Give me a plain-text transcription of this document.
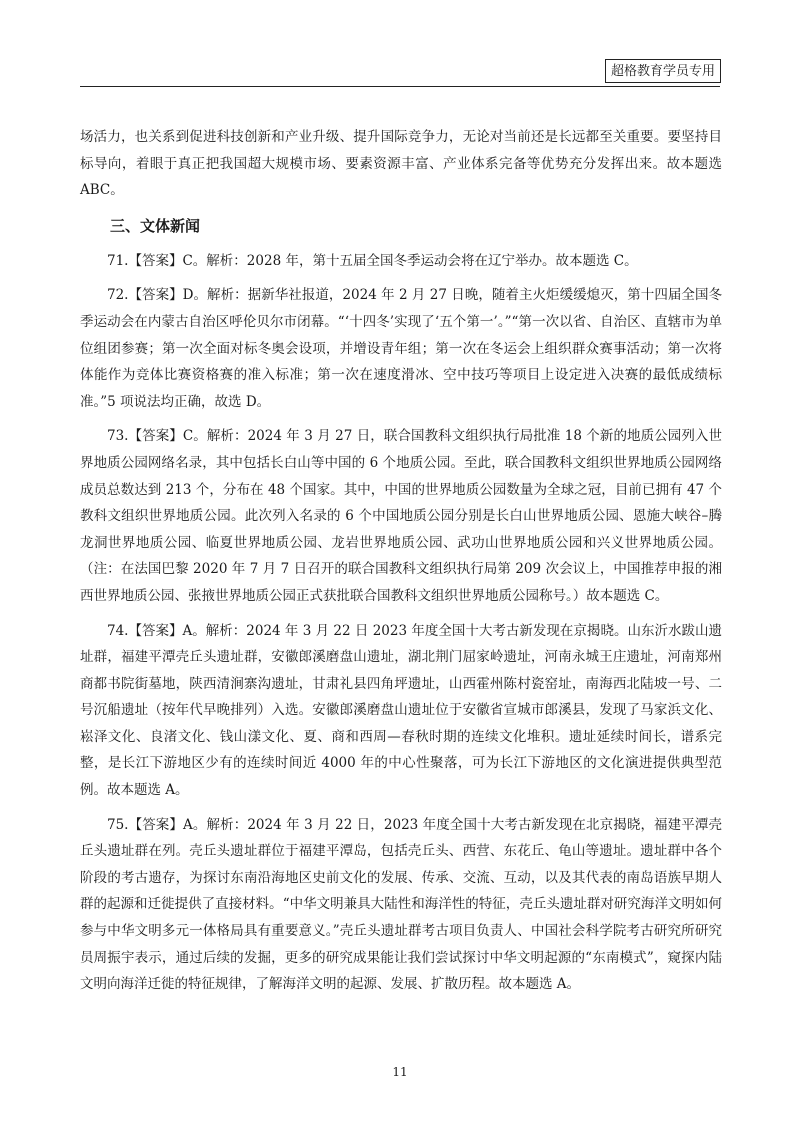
超格教育学员专用

场活力，也关系到促进科技创新和产业升级、提升国际竞争力，无论对当前还是长远都至关重要。要坚持目标导向，着眼于真正把我国超大规模市场、要素资源丰富、产业体系完备等优势充分发挥出来。故本题选 ABC。

三、文体新闻

71.【答案】C。解析：2028 年，第十五届全国冬季运动会将在辽宁举办。故本题选 C。

72.【答案】D。解析：据新华社报道，2024 年 2 月 27 日晚，随着主火炬缓缓熄灭，第十四届全国冬季运动会在内蒙古自治区呼伦贝尔市闭幕。“‘十四冬’实现了‘五个第一’。”“第一次以省、自治区、直辖市为单位组团参赛；第一次全面对标冬奥会设项，并增设青年组；第一次在冬运会上组织群众赛事活动；第一次将体能作为竞体比赛资格赛的准入标准；第一次在速度滑冰、空中技巧等项目上设定进入决赛的最低成绩标准。”5 项说法均正确，故选 D。

73.【答案】C。解析：2024 年 3 月 27 日，联合国教科文组织执行局批准 18 个新的地质公园列入世界地质公园网络名录，其中包括长白山等中国的 6 个地质公园。至此，联合国教科文组织世界地质公园网络成员总数达到 213 个，分布在 48 个国家。其中，中国的世界地质公园数量为全球之冠，目前已拥有 47 个教科文组织世界地质公园。此次列入名录的 6 个中国地质公园分别是长白山世界地质公园、恩施大峡谷–腾龙洞世界地质公园、临夏世界地质公园、龙岩世界地质公园、武功山世界地质公园和兴义世界地质公园。（注：在法国巴黎 2020 年 7 月 7 日召开的联合国教科文组织执行局第 209 次会议上，中国推荐申报的湘西世界地质公园、张掖世界地质公园正式获批联合国教科文组织世界地质公园称号。）故本题选 C。

74.【答案】A。解析：2024 年 3 月 22 日 2023 年度全国十大考古新发现在京揭晓。山东沂水跋山遗址群，福建平潭壳丘头遗址群，安徽郎溪磨盘山遗址，湖北荆门屈家岭遗址，河南永城王庄遗址，河南郑州商都书院街墓地，陕西清涧寨沟遗址，甘肃礼县四角坪遗址，山西霍州陈村瓷窑址，南海西北陆坡一号、二号沉船遗址（按年代早晚排列）入选。安徽郎溪磨盘山遗址位于安徽省宣城市郎溪县，发现了马家浜文化、崧泽文化、良渚文化、钱山漾文化、夏、商和西周—春秋时期的连续文化堆积。遗址延续时间长，谱系完整，是长江下游地区少有的连续时间近 4000 年的中心性聚落，可为长江下游地区的文化演进提供典型范例。故本题选 A。

75.【答案】A。解析：2024 年 3 月 22 日，2023 年度全国十大考古新发现在北京揭晓，福建平潭壳丘头遗址群在列。壳丘头遗址群位于福建平潭岛，包括壳丘头、西营、东花丘、龟山等遗址。遗址群中各个阶段的考古遗存，为探讨东南沿海地区史前文化的发展、传承、交流、互动，以及其代表的南岛语族早期人群的起源和迁徙提供了直接材料。“中华文明兼具大陆性和海洋性的特征，壳丘头遗址群对研究海洋文明如何参与中华文明多元一体格局具有重要意义。”壳丘头遗址群考古项目负责人、中国社会科学院考古研究所研究员周振宇表示，通过后续的发掘，更多的研究成果能让我们尝试探讨中华文明起源的“东南模式”，窥探内陆文明向海洋迁徙的特征规律，了解海洋文明的起源、发展、扩散历程。故本题选 A。

11
